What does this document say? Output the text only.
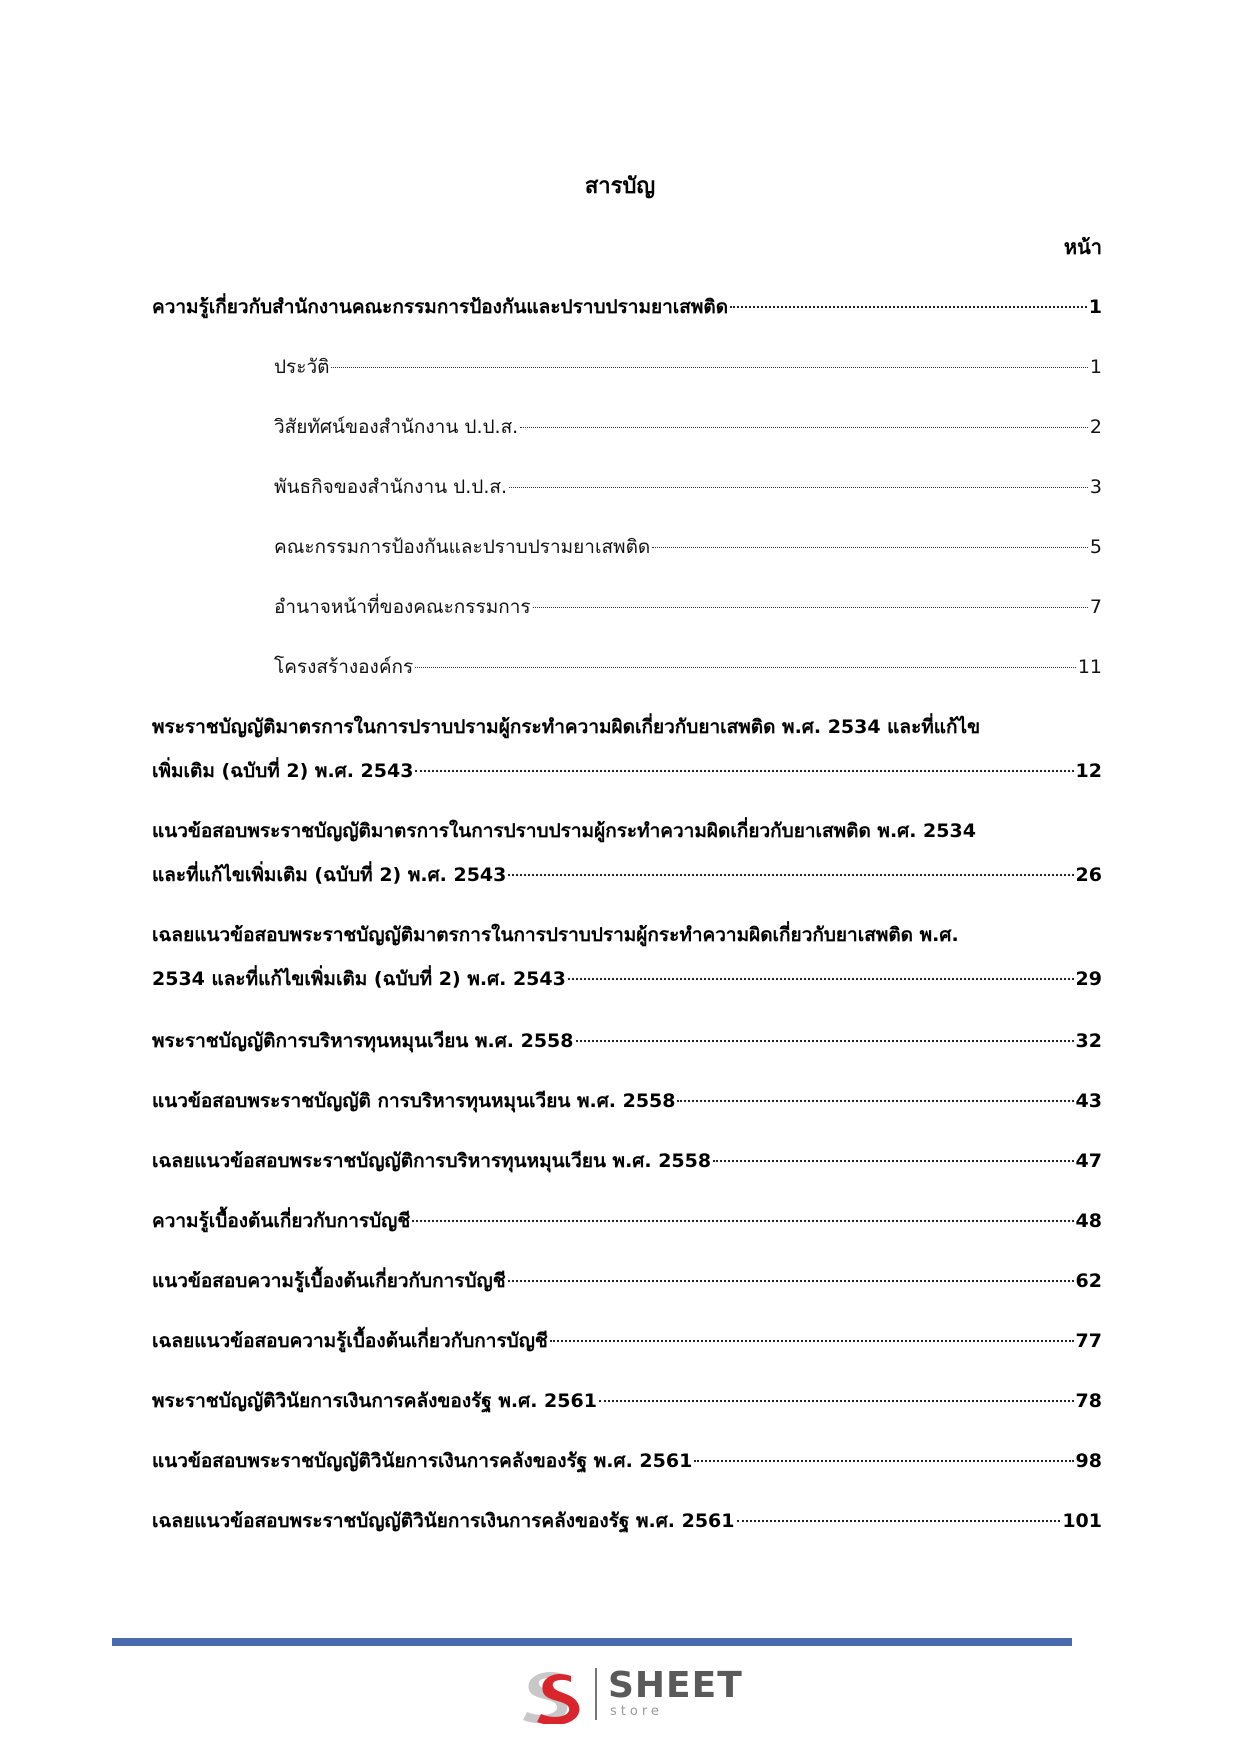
สารบัญ
หน้า
ความรู้เกี่ยวกับสำนักงานคณะกรรมการป้องกันและปราบปรามยาเสพติด	1
ประวัติ	1
วิสัยทัศน์ของสำนักงาน ป.ป.ส.	2
พันธกิจของสำนักงาน ป.ป.ส.	3
คณะกรรมการป้องกันและปราบปรามยาเสพติด	5
อำนาจหน้าที่ของคณะกรรมการ	7
โครงสร้างองค์กร	11
พระราชบัญญัติมาตรการในการปราบปรามผู้กระทำความผิดเกี่ยวกับยาเสพติด พ.ศ. 2534 และที่แก้ไข
เพิ่มเติม (ฉบับที่ 2) พ.ศ. 2543	12
แนวข้อสอบพระราชบัญญัติมาตรการในการปราบปรามผู้กระทำความผิดเกี่ยวกับยาเสพติด พ.ศ. 2534
และที่แก้ไขเพิ่มเติม (ฉบับที่ 2) พ.ศ. 2543	26
เฉลยแนวข้อสอบพระราชบัญญัติมาตรการในการปราบปรามผู้กระทำความผิดเกี่ยวกับยาเสพติด พ.ศ.
2534 และที่แก้ไขเพิ่มเติม (ฉบับที่ 2) พ.ศ. 2543	29
พระราชบัญญัติการบริหารทุนหมุนเวียน พ.ศ. 2558	32
แนวข้อสอบพระราชบัญญัติ การบริหารทุนหมุนเวียน พ.ศ. 2558	43
เฉลยแนวข้อสอบพระราชบัญญัติการบริหารทุนหมุนเวียน พ.ศ. 2558	47
ความรู้เบื้องต้นเกี่ยวกับการบัญชี	48
แนวข้อสอบความรู้เบื้องต้นเกี่ยวกับการบัญชี	62
เฉลยแนวข้อสอบความรู้เบื้องต้นเกี่ยวกับการบัญชี	77
พระราชบัญญัติวินัยการเงินการคลังของรัฐ พ.ศ. 2561	78
แนวข้อสอบพระราชบัญญัติวินัยการเงินการคลังของรัฐ พ.ศ. 2561	98
เฉลยแนวข้อสอบพระราชบัญญัติวินัยการเงินการคลังของรัฐ พ.ศ. 2561	101
SHEET
store
